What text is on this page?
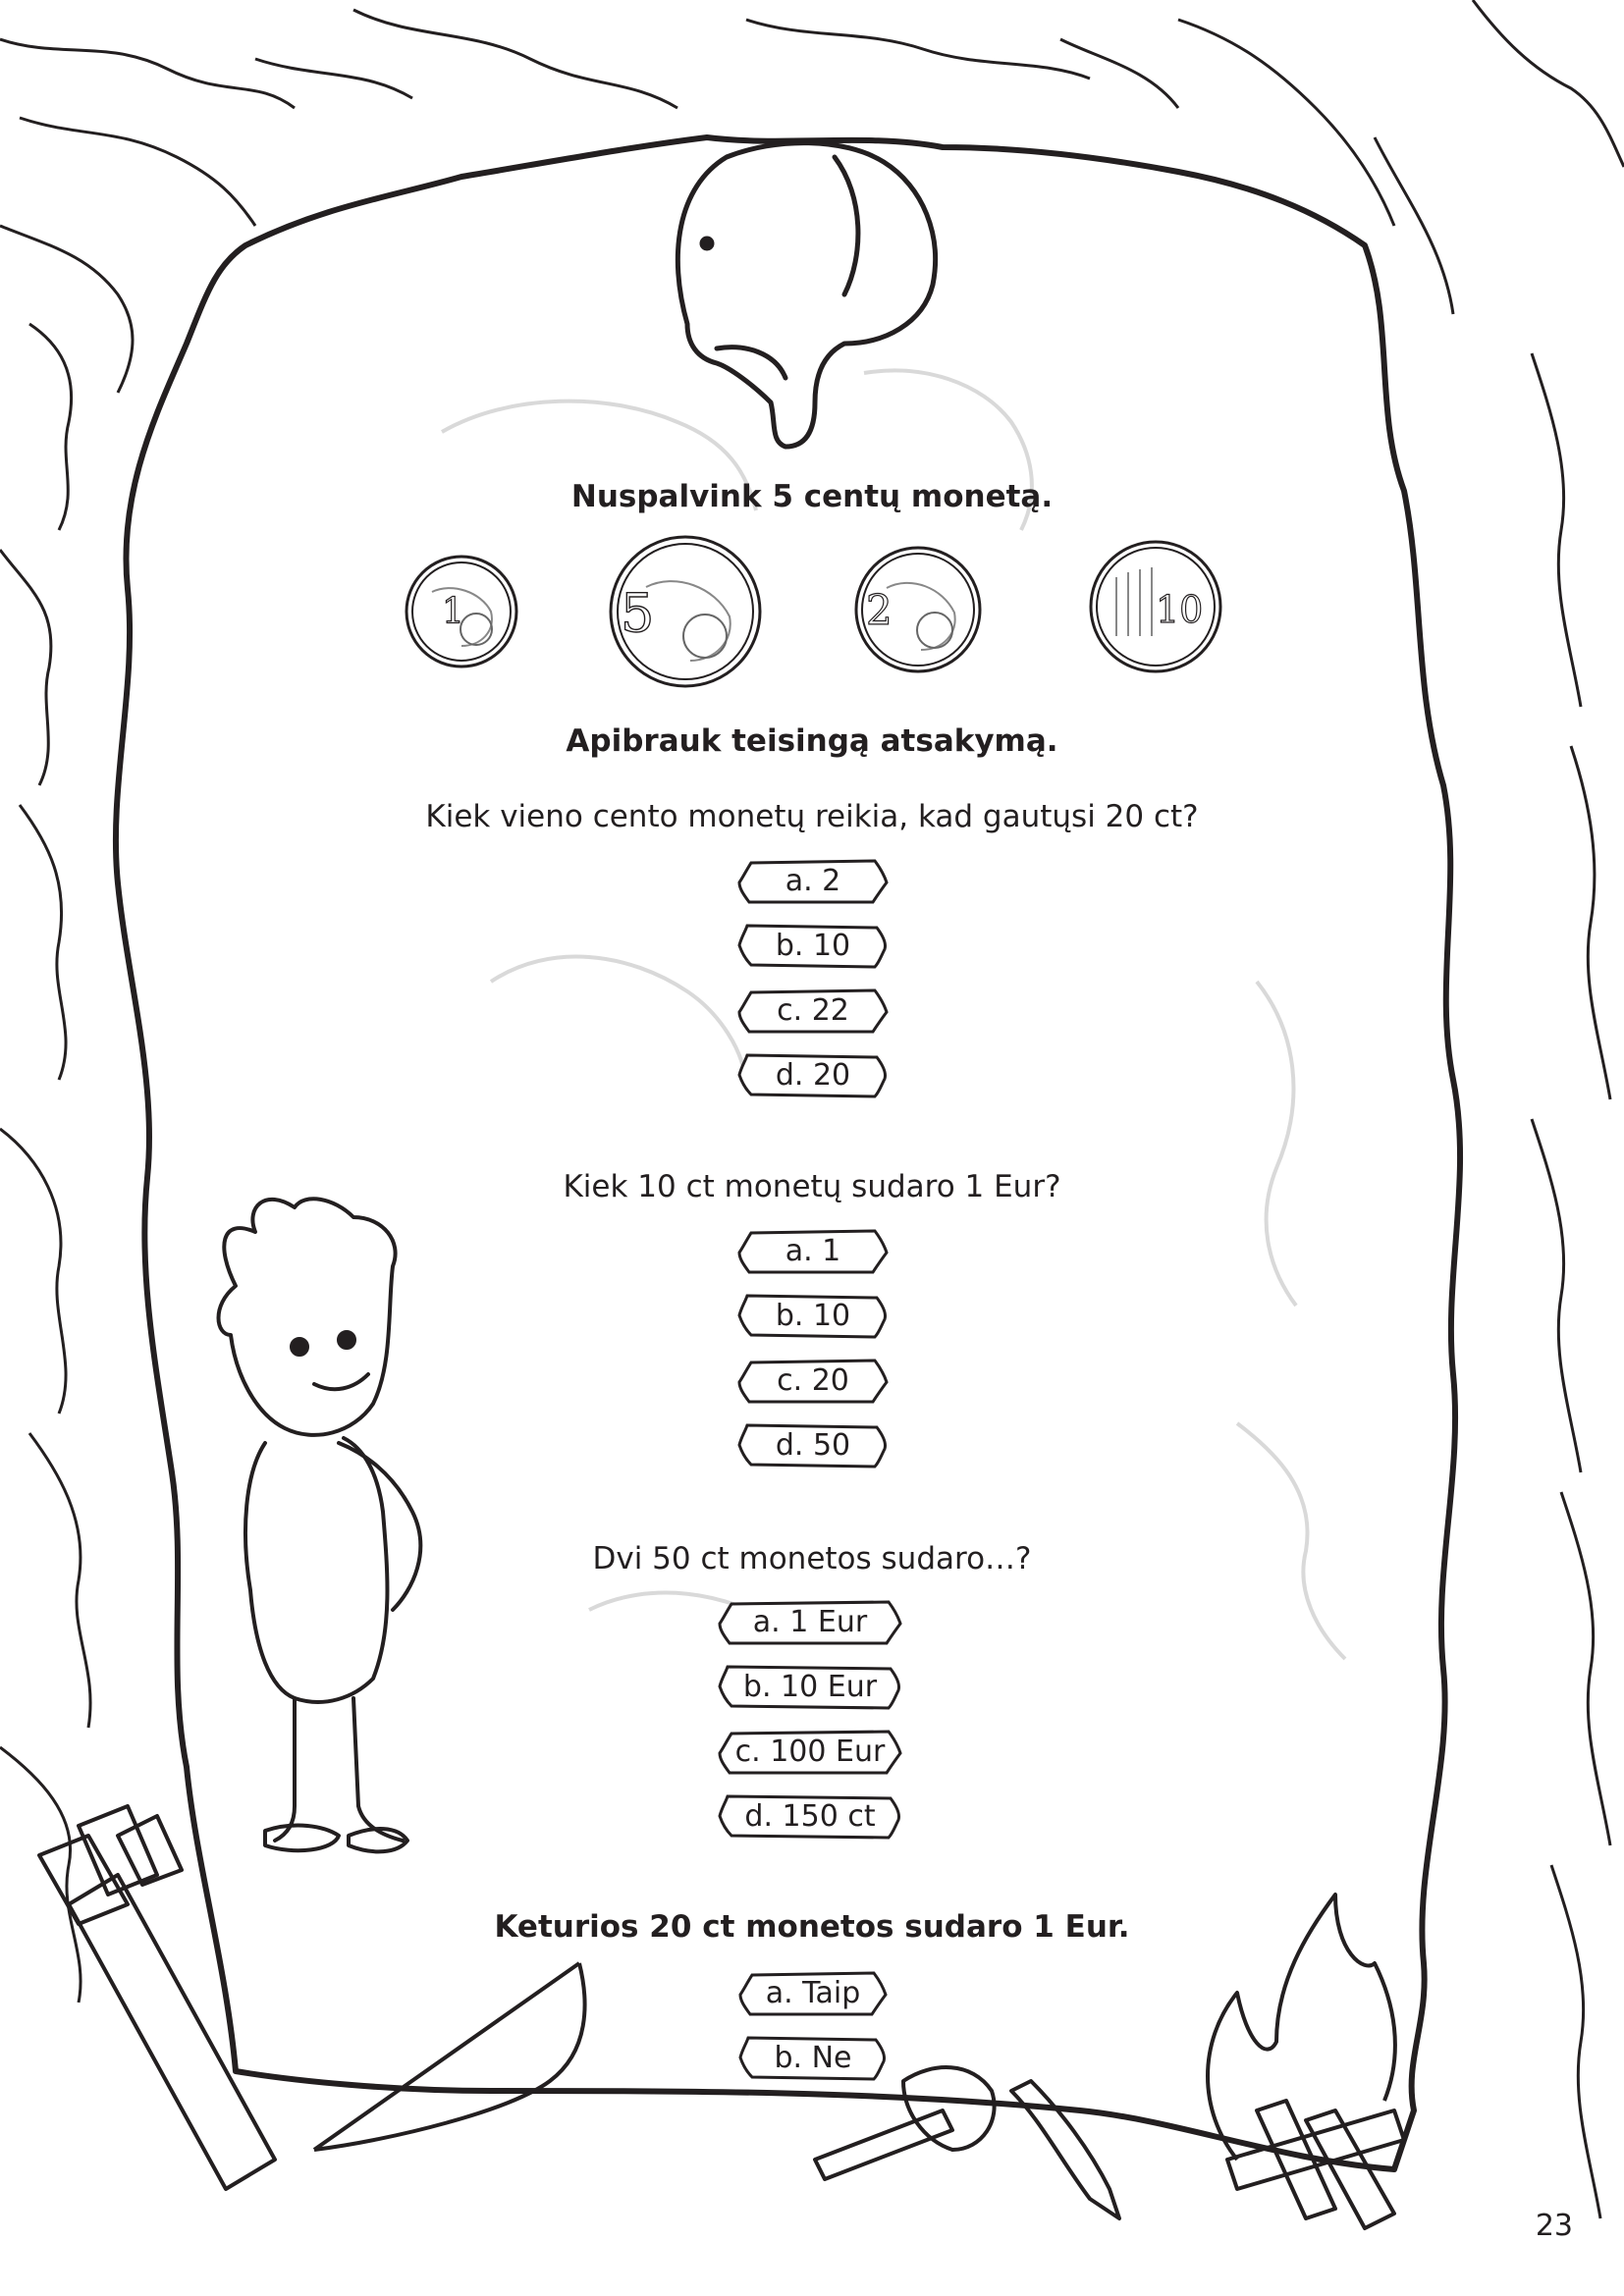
Nuspalvink 5 centų monetą.
1	5	2	10
Apibrauk teisingą atsakymą.
Kiek vieno cento monetų reikia, kad gautųsi 20 ct?
a. 2
b. 10
c. 22
d. 20
Kiek 10 ct monetų sudaro 1 Eur?
a. 1
b. 10
c. 20
d. 50
Dvi 50 ct monetos sudaro…?
a. 1 Eur
b. 10 Eur
c. 100 Eur
d. 150 ct
Keturios 20 ct monetos sudaro 1 Eur.
a. Taip
b. Ne
23
